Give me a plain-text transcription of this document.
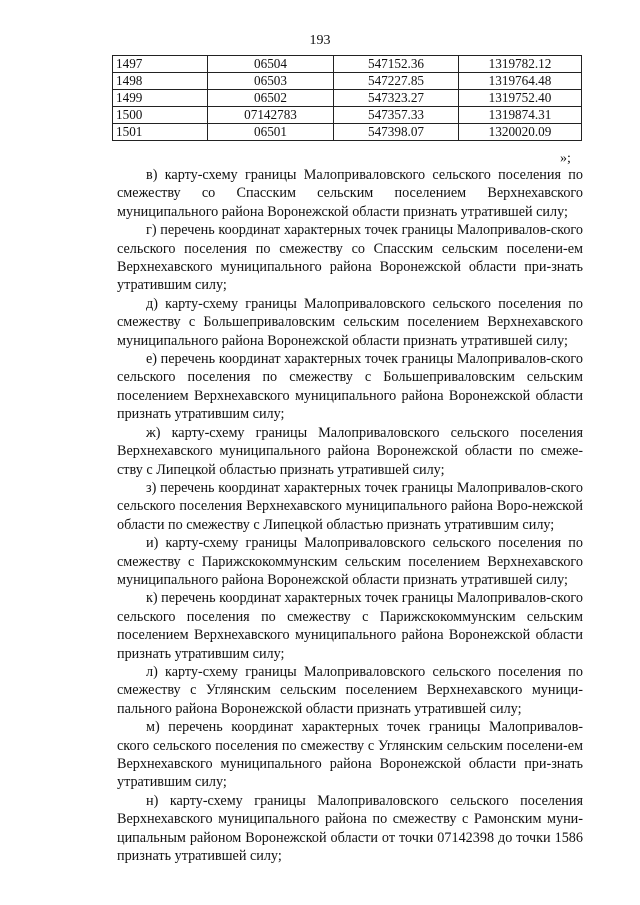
193
1497	06504	547152.36	1319782.12
1498	06503	547227.85	1319764.48
1499	06502	547323.27	1319752.40
1500	07142783	547357.33	1319874.31
1501	06501	547398.07	1320020.09
»;

в) карту-схему границы Малоприваловского сельского поселения по смежеству со Спасским сельским поселением Верхнехавского муниципального района Воронежской области признать утратившей силу;

г) перечень координат характерных точек границы Малопривалов-ского сельского поселения по смежеству со Спасским сельским поселени-ем Верхнехавского муниципального района Воронежской области при-знать утратившим силу;

д) карту-схему границы Малоприваловского сельского поселения по смежеству с Большеприваловским сельским поселением Верхнехавского муниципального района Воронежской области признать утратившей силу;

е) перечень координат характерных точек границы Малопривалов-ского сельского поселения по смежеству с Большеприваловским сельским поселением Верхнехавского муниципального района Воронежской области признать утратившим силу;

ж) карту-схему границы Малоприваловского сельского поселения Верхнехавского муниципального района Воронежской области по смеже-ству с Липецкой областью признать утратившей силу;

з) перечень координат характерных точек границы Малопривалов-ского сельского поселения Верхнехавского муниципального района Воро-нежской области по смежеству с Липецкой областью признать утратившим силу;

и) карту-схему границы Малоприваловского сельского поселения по смежеству с Парижскокоммунским сельским поселением Верхнехавского муниципального района Воронежской области признать утратившей силу;

к) перечень координат характерных точек границы Малопривалов-ского сельского поселения по смежеству с Парижскокоммунским сельским поселением Верхнехавского муниципального района Воронежской области признать утратившим силу;

л) карту-схему границы Малоприваловского сельского поселения по смежеству с Углянским сельским поселением Верхнехавского муници-пального района Воронежской области признать утратившей силу;

м) перечень координат характерных точек границы Малопривалов-ского сельского поселения по смежеству с Углянским сельским поселени-ем Верхнехавского муниципального района Воронежской области при-знать утратившим силу;

н) карту-схему границы Малоприваловского сельского поселения Верхнехавского муниципального района по смежеству с Рамонским муни-ципальным районом Воронежской области от точки 07142398 до точки 1586 признать утратившей силу;
